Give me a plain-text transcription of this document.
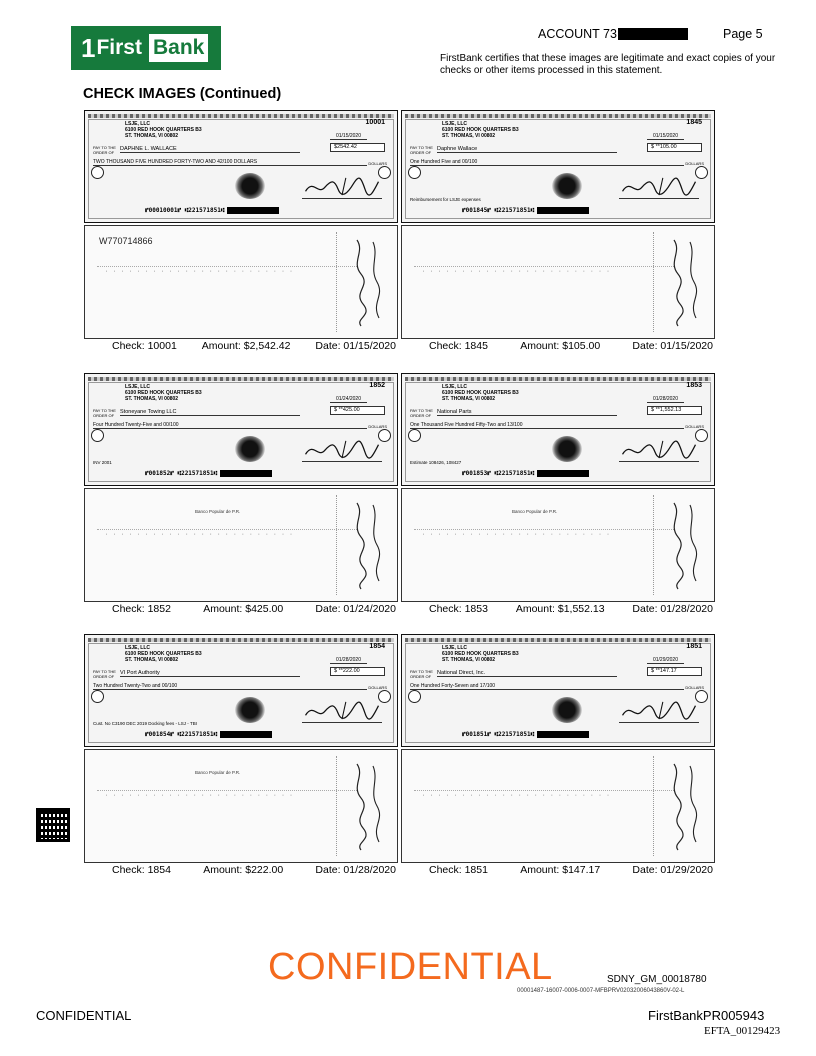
1 First Bank
ACCOUNT 73	Page 5
FirstBank certifies that these images are legitimate and exact copies of your checks or other items processed in this statement.
CHECK IMAGES (Continued)
LSJE, LLC
6100 RED HOOK QUARTERS B3
ST. THOMAS, VI 00802
10001
01/15/2020
PAY TO THE
ORDER OF
DAPHNE L. WALLACE	$2542.42
TWO THOUSAND FIVE HUNDRED FORTY-TWO AND 42/100 DOLLARS	DOLLARS
⑈00010001⑈ ⑆221571851⑆
W770714866
· · · · · · · · · · · · · · · · · · · · · · · ·
Check: 10001 Amount: $2,542.42 Date: 01/15/2020
LSJE, LLC
6100 RED HOOK QUARTERS B3
ST. THOMAS, VI 00802
1845
01/15/2020
PAY TO THE
ORDER OF
Daphne Wallace	$ **105.00
One Hundred Five and 00/100	DOLLARS
Reimbursement for LSJE expenses
⑈001845⑈ ⑆221571851⑆
· · · · · · · · · · · · · · · · · · · · · · · ·
Check: 1845	Amount: $105.00	Date: 01/15/2020
LSJE, LLC
6100 RED HOOK QUARTERS B3
ST. THOMAS, VI 00802
1852
01/24/2020
PAY TO THE
ORDER OF
Stoneyane Towing LLC	$ **425.00
Four Hundred Twenty-Five and 00/100	DOLLARS
INV 2001
⑈001852⑈ ⑆221571851⑆
Banco Popular de P.R.
· · · · · · · · · · · · · · · · · · · · · · · ·
Check: 1852	Amount: $425.00	Date: 01/24/2020
LSJE, LLC
6100 RED HOOK QUARTERS B3
ST. THOMAS, VI 00802
1853
01/28/2020
PAY TO THE
ORDER OF
National Parts	$ **1,552.13
One Thousand Five Hundred Fifty-Two and 13/100	DOLLARS
Estimate 108426, 108427
⑈001853⑈ ⑆221571851⑆
Banco Popular de P.R.
· · · · · · · · · · · · · · · · · · · · · · · ·
Check: 1853	Amount: $1,552.13	Date: 01/28/2020
LSJE, LLC
6100 RED HOOK QUARTERS B3
ST. THOMAS, VI 00802
1854
01/28/2020
PAY TO THE
ORDER OF
VI Port Authority	$ **222.00
Two Hundred Twenty-Two and 00/100	DOLLARS
Cust. No C3190 DEC 2019 Docking fees - LSJ - TBI
⑈001854⑈ ⑆221571851⑆
Banco Popular de P.R.
· · · · · · · · · · · · · · · · · · · · · · · ·
Check: 1854	Amount: $222.00	Date: 01/28/2020
LSJE, LLC
6100 RED HOOK QUARTERS B3
ST. THOMAS, VI 00802
1851
01/29/2020
PAY TO THE
ORDER OF
National Direct, Inc.	$ **147.17
One Hundred Forty-Seven and 17/100	DOLLARS
⑈001851⑈ ⑆221571851⑆
· · · · · · · · · · · · · · · · · · · · · · · ·
Check: 1851	Amount: $147.17	Date: 01/29/2020
CONFIDENTIAL	SDNY_GM_00018780
00001487-16007-0006-0007-MFBPRV02032006043860V-02-L
CONFIDENTIAL	FirstBankPR005943
EFTA_00129423
